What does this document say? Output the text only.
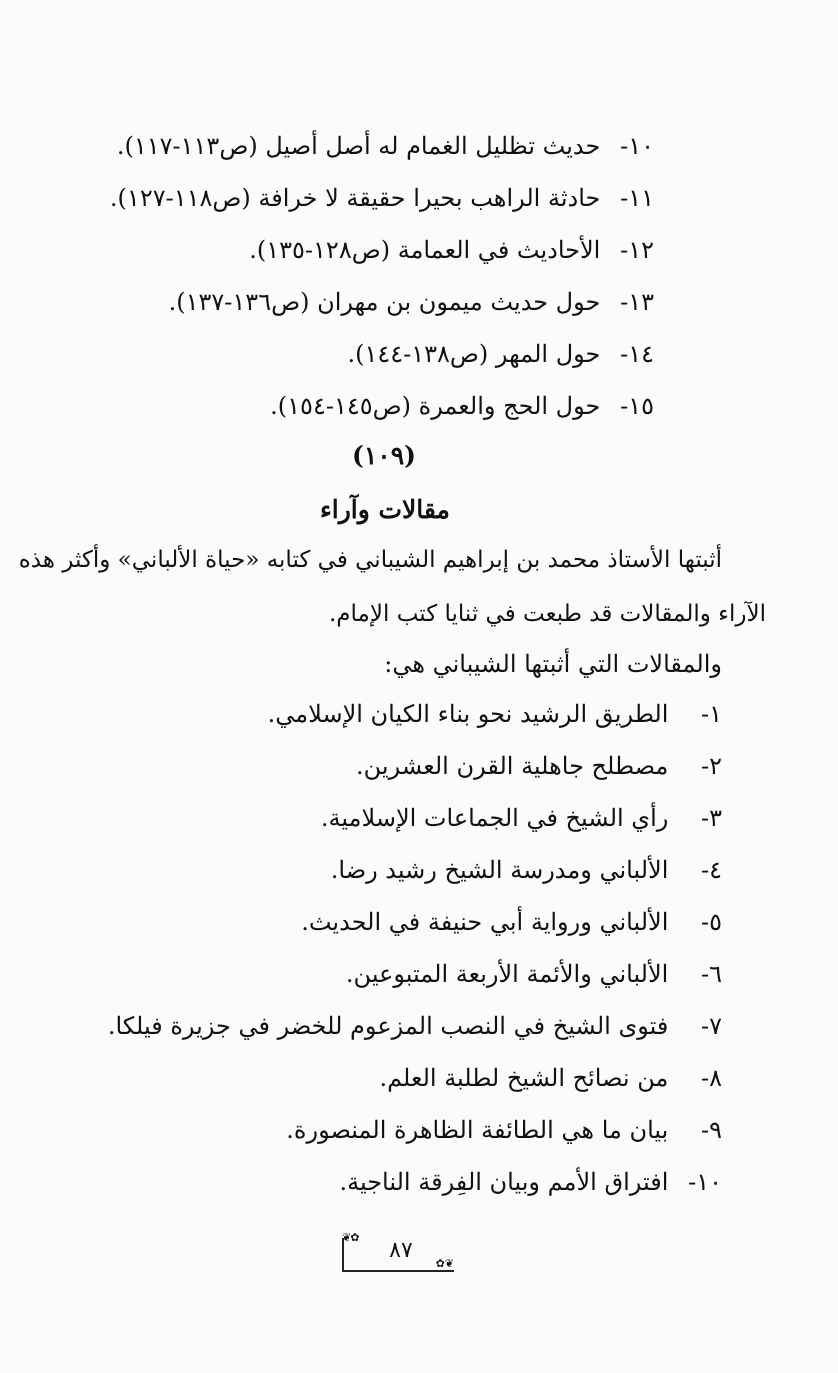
١٠- حديث تظليل الغمام له أصل أصيل (ص١١٣-١١٧).
١١- حادثة الراهب بحيرا حقيقة لا خرافة (ص١١٨-١٢٧).
١٢- الأحاديث في العمامة (ص١٢٨-١٣٥).
١٣- حول حديث ميمون بن مهران (ص١٣٦-١٣٧).
١٤- حول المهر (ص١٣٨-١٤٤).
١٥- حول الحج والعمرة (ص١٤٥-١٥٤).
(١٠٩)
مقالات وآراء
أثبتها الأستاذ محمد بن إبراهيم الشيباني في كتابه «حياة الألباني» وأكثر هذه
الآراء والمقالات قد طبعت في ثنايا كتب الإمام.
والمقالات التي أثبتها الشيباني هي:
١- الطريق الرشيد نحو بناء الكيان الإسلامي.
٢- مصطلح جاهلية القرن العشرين.
٣- رأي الشيخ في الجماعات الإسلامية.
٤- الألباني ومدرسة الشيخ رشيد رضا.
٥- الألباني ورواية أبي حنيفة في الحديث.
٦- الألباني والأئمة الأربعة المتبوعين.
٧- فتوى الشيخ في النصب المزعوم للخضر في جزيرة فيلكا.
٨- من نصائح الشيخ لطلبة العلم.
٩- بيان ما هي الطائفة الظاهرة المنصورة.
١٠- افتراق الأمم وبيان الفِرقة الناجية.
❦✿
✿❦
٨٧
